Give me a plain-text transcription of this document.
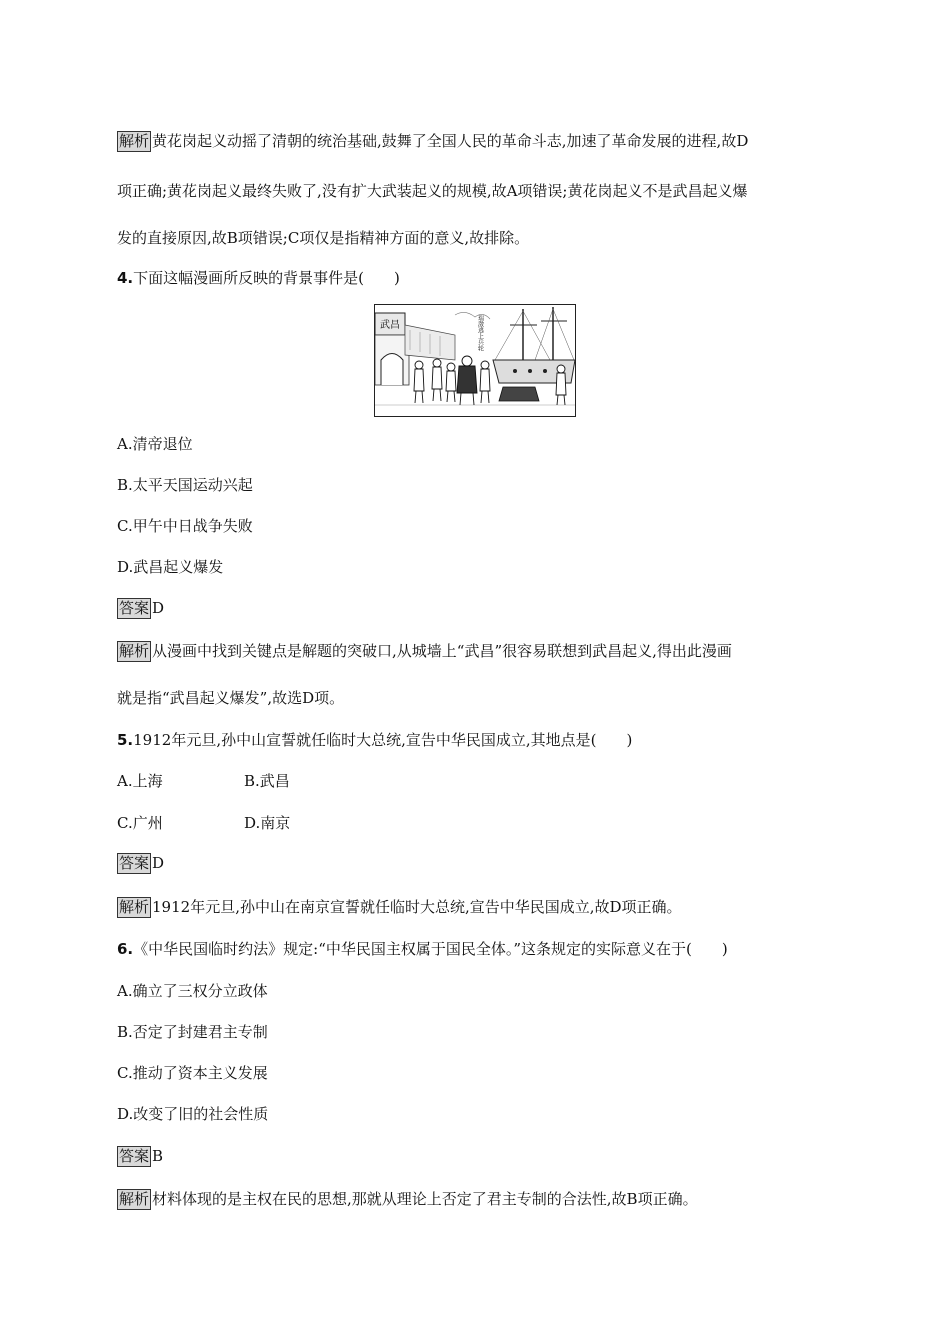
解析 黄花岗起义动摇了清朝的统治基础,鼓舞了全国人民的革命斗志,加速了革命发展的进程,故D
项正确;黄花岗起义最终失败了,没有扩大武装起义的规模,故A项错误;黄花岗起义不是武昌起义爆
发的直接原因,故B项错误;C项仅是指精神方面的意义,故排除。
4.下面这幅漫画所反映的背景事件是(　　)
武昌	瑞澂逃上兵轮
A.清帝退位
B.太平天国运动兴起
C.甲午中日战争失败
D.武昌起义爆发
答案 D
解析 从漫画中找到关键点是解题的突破口,从城墙上“武昌”很容易联想到武昌起义,得出此漫画
就是指“武昌起义爆发”,故选D项。
5.1912年元旦,孙中山宣誓就任临时大总统,宣告中华民国成立,其地点是(　　)
A.上海	B.武昌
C.广州	D.南京
答案 D
解析 1912年元旦,孙中山在南京宣誓就任临时大总统,宣告中华民国成立,故D项正确。
6.《中华民国临时约法》规定:“中华民国主权属于国民全体。”这条规定的实际意义在于(　　)
A.确立了三权分立政体
B.否定了封建君主专制
C.推动了资本主义发展
D.改变了旧的社会性质
答案 B
解析 材料体现的是主权在民的思想,那就从理论上否定了君主专制的合法性,故B项正确。
